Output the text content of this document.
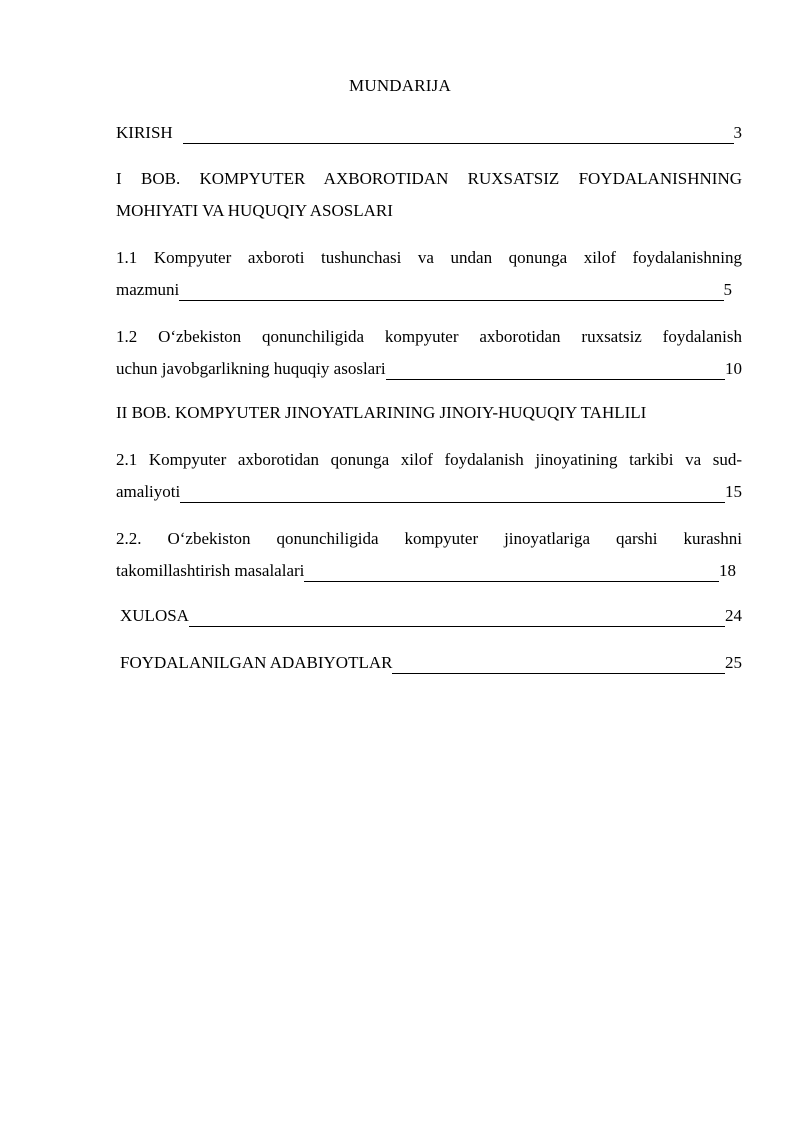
MUNDARIJA
KIRISH	3
I BOB. KOMPYUTER AXBOROTIDAN RUXSATSIZ FOYDALANISHNING
MOHIYATI VA HUQUQIY ASOSLARI
1.1 Kompyuter axboroti tushunchasi va undan qonunga xilof foydalanishning
mazmuni	5
1.2 O‘zbekiston qonunchiligida kompyuter axborotidan ruxsatsiz foydalanish
uchun javobgarlikning huquqiy asoslari	10
II BOB. KOMPYUTER JINOYATLARINING JINOIY-HUQUQIY TAHLILI
2.1 Kompyuter axborotidan qonunga xilof foydalanish jinoyatining tarkibi va sud-
amaliyoti	15
2.2. O‘zbekiston qonunchiligida kompyuter jinoyatlariga qarshi kurashni
takomillashtirish masalalari	18
XULOSA	24
FOYDALANILGAN ADABIYOTLAR	25
